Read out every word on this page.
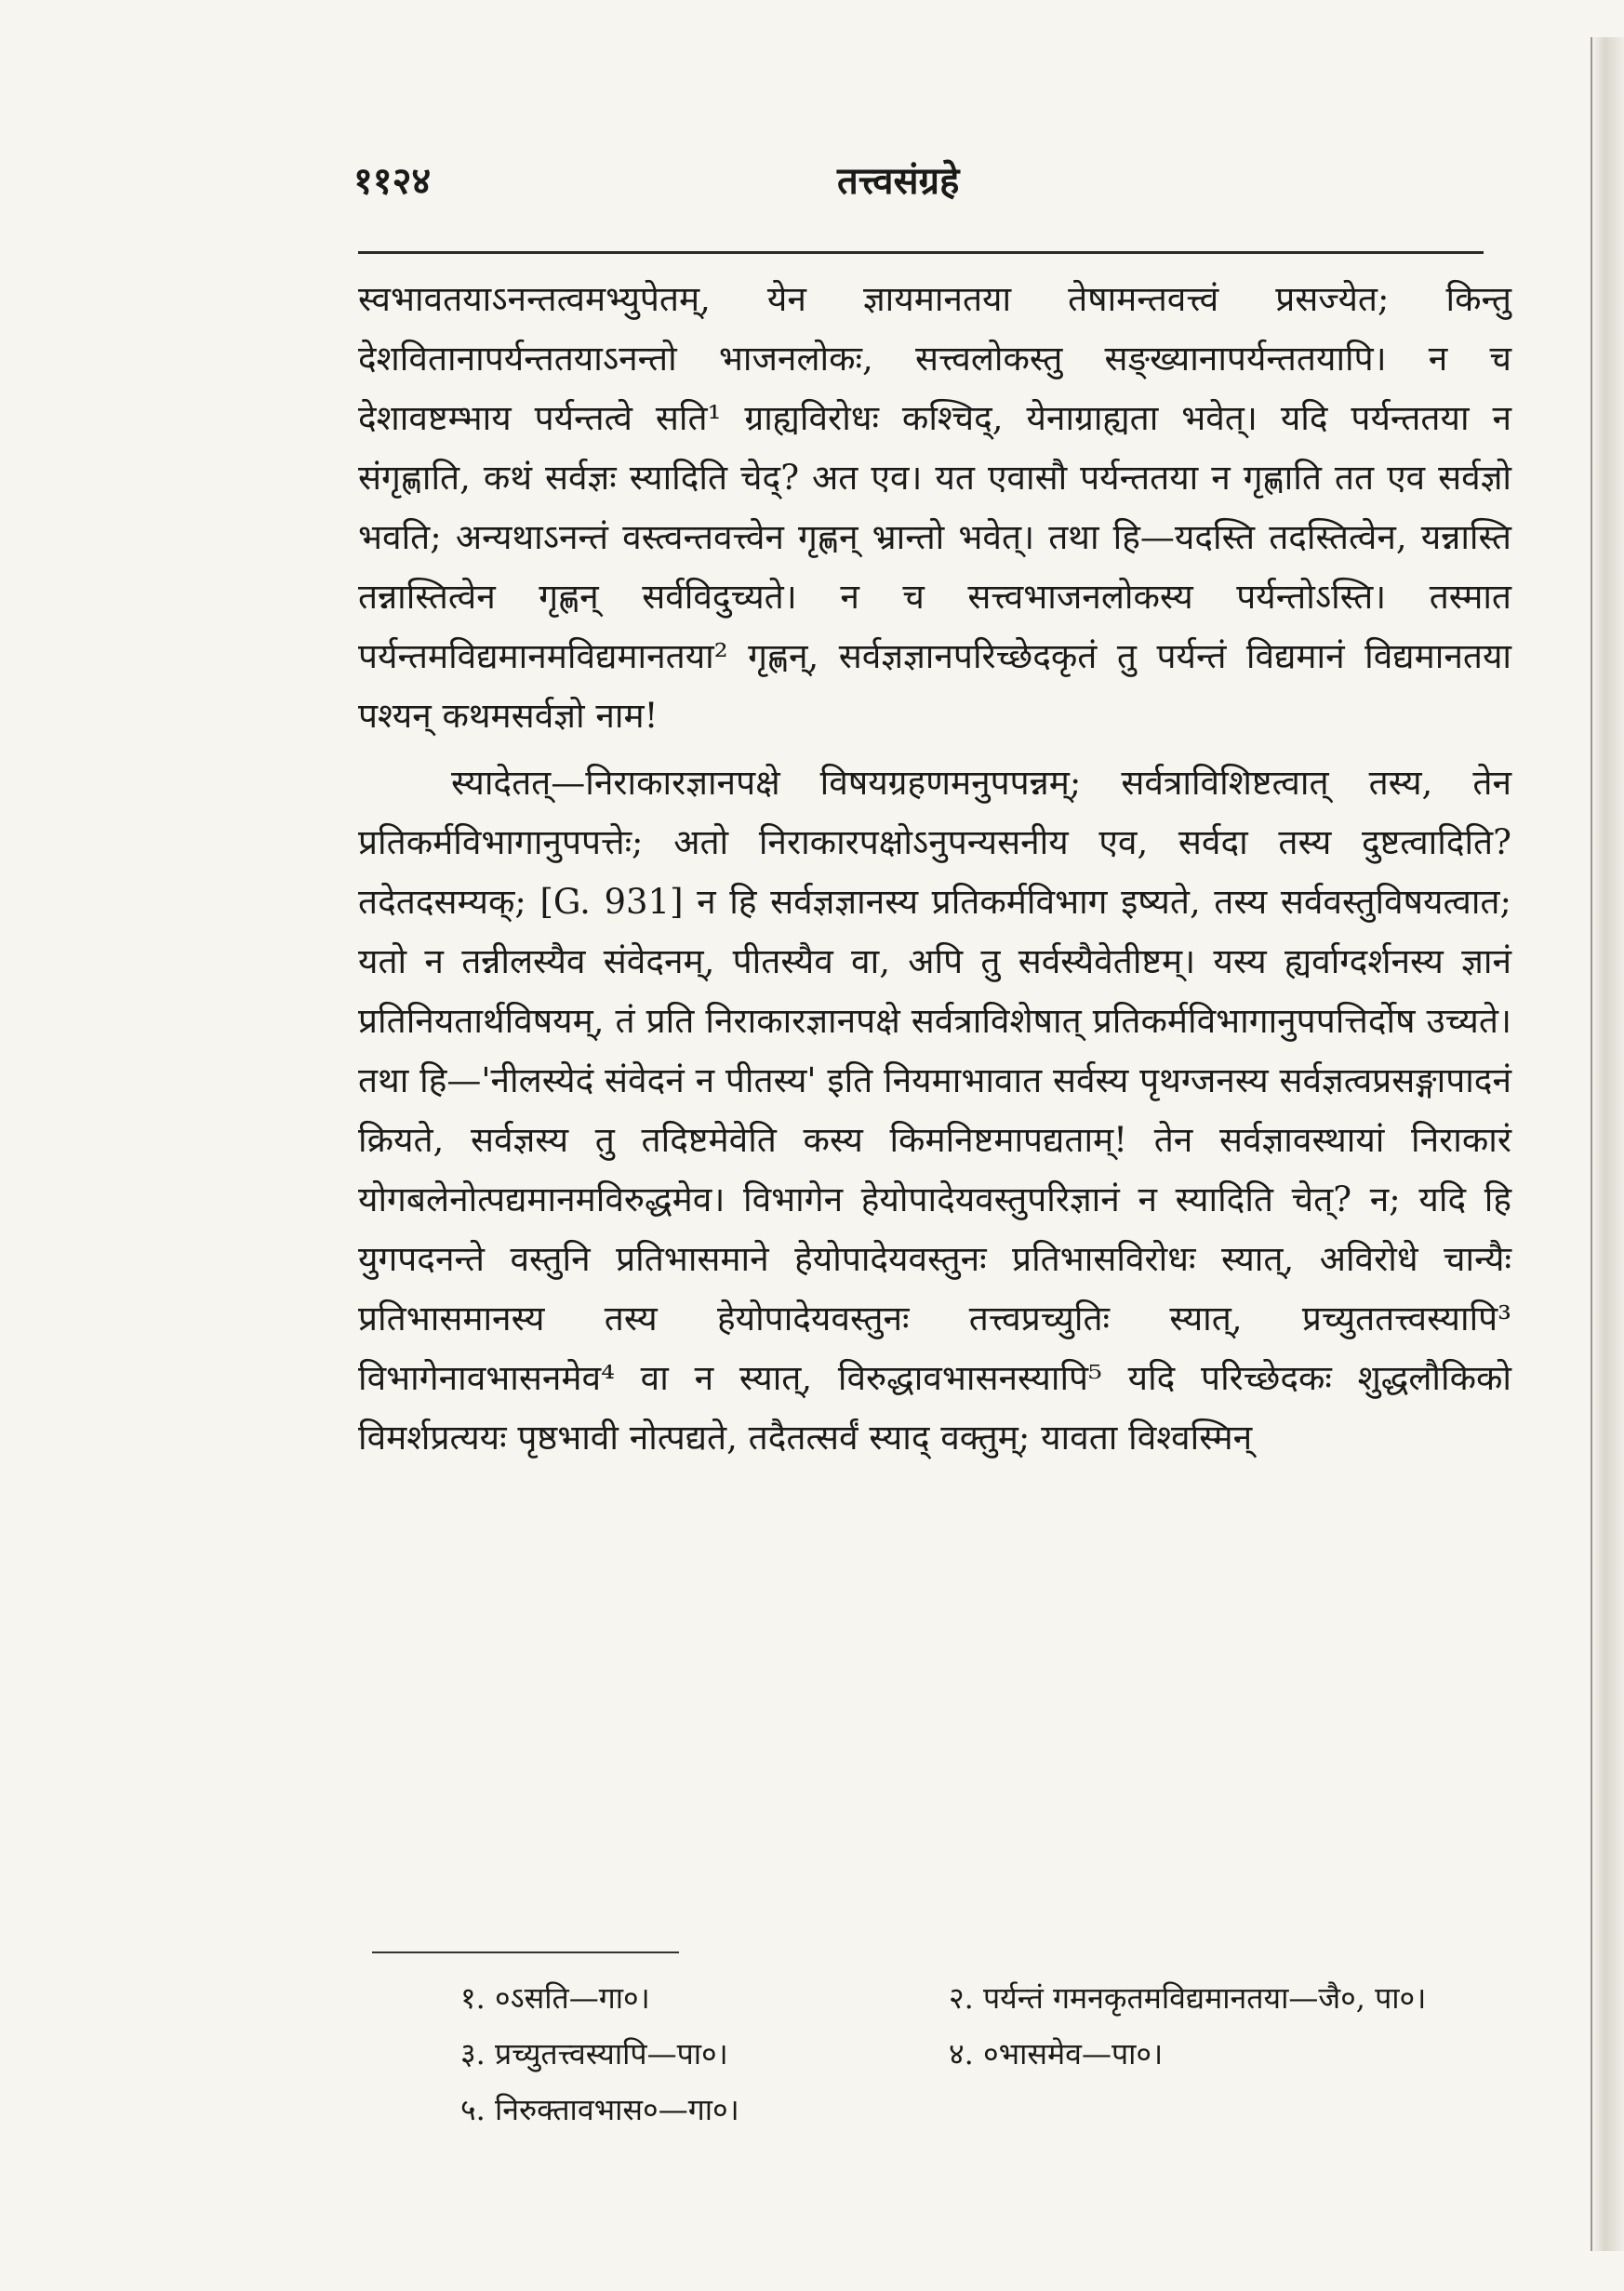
११२४	तत्त्वसंग्रहे

स्वभावतयाऽनन्तत्वमभ्युपेतम्, येन ज्ञायमानतया तेषामन्तवत्त्वं प्रसज्येत; किन्तु देशवितानापर्यन्ततयाऽनन्तो भाजनलोकः, सत्त्वलोकस्तु सङ्ख्यानापर्यन्ततयापि। न च देशावष्टम्भाय पर्यन्तत्वे सति¹ ग्राह्यविरोधः कश्चिद्, येनाग्राह्यता भवेत्। यदि पर्यन्ततया न संगृह्णाति, कथं सर्वज्ञः स्यादिति चेद्? अत एव। यत एवासौ पर्यन्ततया न गृह्णाति तत एव सर्वज्ञो भवति; अन्यथाऽनन्तं वस्त्वन्तवत्त्वेन गृह्णन् भ्रान्तो भवेत्। तथा हि—यदस्ति तदस्तित्वेन, यन्नास्ति तन्नास्तित्वेन गृह्णन् सर्वविदुच्यते। न च सत्त्वभाजनलोकस्य पर्यन्तोऽस्ति। तस्मात पर्यन्तमविद्यमानमविद्यमानतया² गृह्णन्, सर्वज्ञज्ञानपरिच्छेदकृतं तु पर्यन्तं विद्यमानं विद्यमानतया पश्यन् कथमसर्वज्ञो नाम!

स्यादेतत्—निराकारज्ञानपक्षे विषयग्रहणमनुपपन्नम्; सर्वत्राविशिष्टत्वात् तस्य, तेन प्रतिकर्मविभागानुपपत्तेः; अतो निराकारपक्षोऽनुपन्यसनीय एव, सर्वदा तस्य दुष्टत्वादिति? तदेतदसम्यक्; [G. 931] न हि सर्वज्ञज्ञानस्य प्रतिकर्मविभाग इष्यते, तस्य सर्ववस्तुविषयत्वात; यतो न तन्नीलस्यैव संवेदनम्, पीतस्यैव वा, अपि तु सर्वस्यैवेतीष्टम्। यस्य ह्यर्वाग्दर्शनस्य ज्ञानं प्रतिनियतार्थविषयम्, तं प्रति निराकारज्ञानपक्षे सर्वत्राविशेषात् प्रतिकर्मविभागानुपपत्तिर्दोष उच्यते। तथा हि—'नीलस्येदं संवेदनं न पीतस्य' इति नियमाभावात सर्वस्य पृथग्जनस्य सर्वज्ञत्वप्रसङ्गापादनं क्रियते, सर्वज्ञस्य तु तदिष्टमेवेति कस्य किमनिष्टमापद्यताम्! तेन सर्वज्ञावस्थायां निराकारं योगबलेनोत्पद्यमानमविरुद्धमेव। विभागेन हेयोपादेयवस्तुपरिज्ञानं न स्यादिति चेत्? न; यदि हि युगपदनन्ते वस्तुनि प्रतिभासमाने हेयोपादेयवस्तुनः प्रतिभासविरोधः स्यात्, अविरोधे चान्यैः प्रतिभासमानस्य तस्य हेयोपादेयवस्तुनः तत्त्वप्रच्युतिः स्यात्, प्रच्युततत्त्वस्यापि³ विभागेनावभासनमेव⁴ वा न स्यात्, विरुद्धावभासनस्यापि⁵ यदि परिच्छेदकः शुद्धलौकिको विमर्शप्रत्ययः पृष्ठभावी नोत्पद्यते, तदैतत्सर्वं स्याद् वक्तुम्; यावता विश्वस्मिन्

१. ०ऽसति—गा०।	२. पर्यन्तं गमनकृतमविद्यमानतया—जै०, पा०।
३. प्रच्युतत्त्वस्यापि—पा०।	४. ०भासमेव—पा०।
५. निरुक्तावभास०—गा०।
